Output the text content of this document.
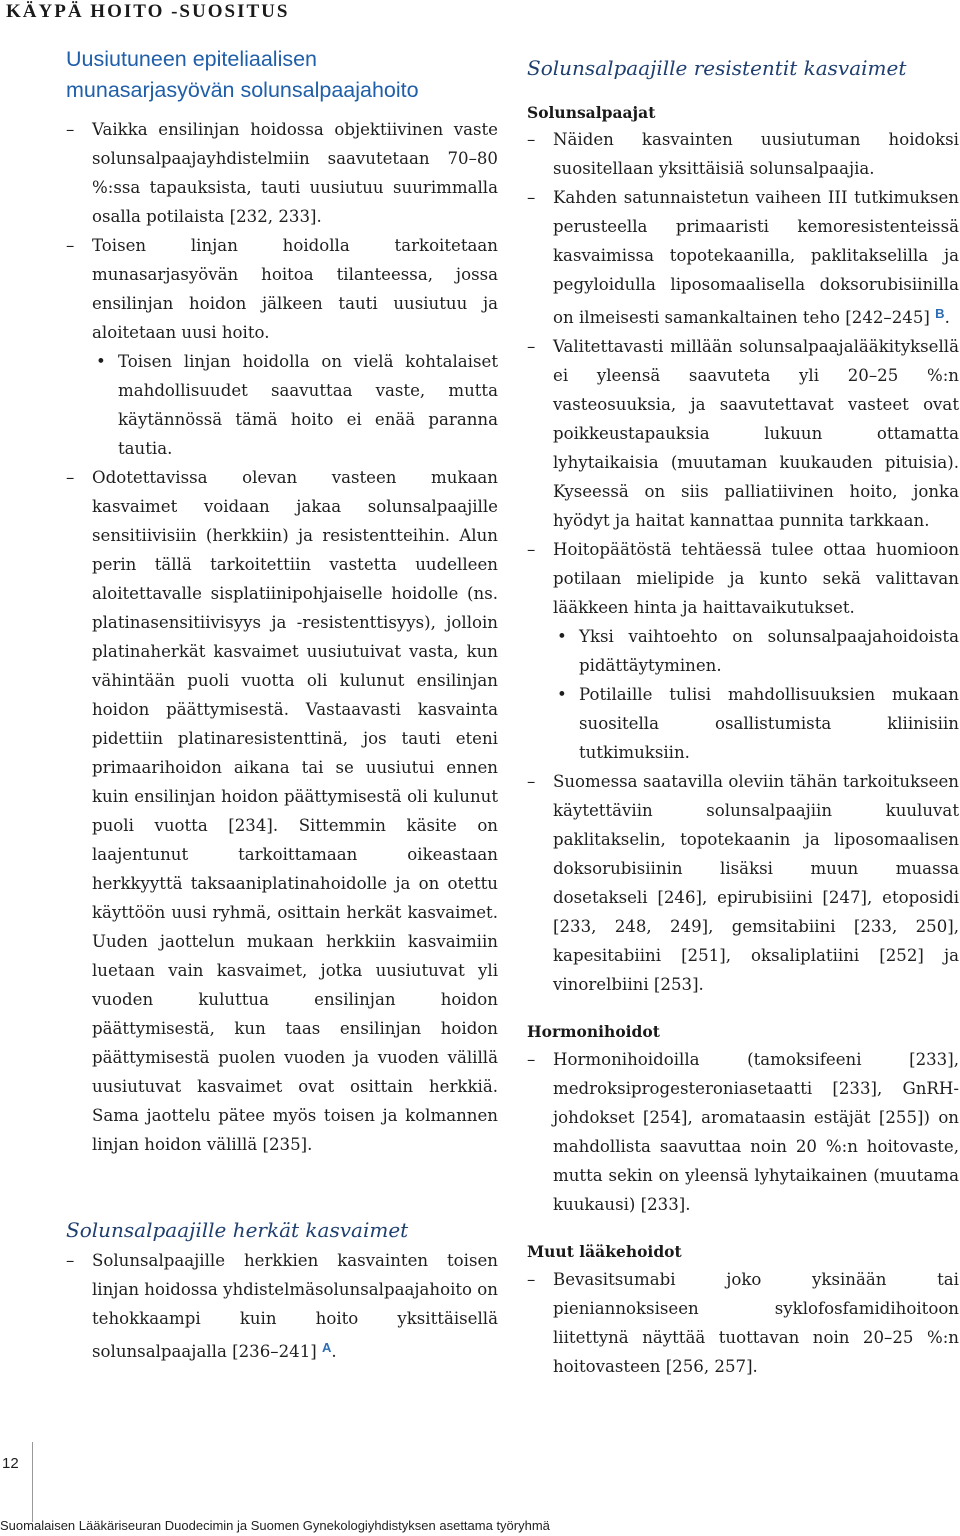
KÄYPÄ HOITO -SUOSITUS
Uusiutuneen epiteliaalisen
munasarjasyövän solunsalpaajahoito

– Vaikka ensilinjan hoidossa objektiivinen vaste solunsalpaajayhdistelmiin saavutetaan 70–80 %:ssa tapauksista, tauti uusiutuu suurimmalla osalla potilaista [232, 233].

– Toisen linjan hoidolla tarkoitetaan munasarjasyövän hoitoa tilanteessa, jossa ensilinjan hoidon jälkeen tauti uusiutuu ja aloitetaan uusi hoito.

• Toisen linjan hoidolla on vielä kohtalaiset mahdollisuudet saavuttaa vaste, mutta käytännössä tämä hoito ei enää paranna tautia.

– Odotettavissa olevan vasteen mukaan kasvaimet voidaan jakaa solunsalpaajille sensitiivisiin (herkkiin) ja resistentteihin. Alun perin tällä tarkoitettiin vastetta uudelleen aloitettavalle sisplatiinipohjaiselle hoidolle (ns. platinasensitiivisyys ja -resistenttisyys), jolloin platinaherkät kasvaimet uusiutuivat vasta, kun vähintään puoli vuotta oli kulunut ensilinjan hoidon päättymisestä. Vastaavasti kasvainta pidettiin platinaresistenttinä, jos tauti eteni primaarihoidon aikana tai se uusiutui ennen kuin ensilinjan hoidon päättymisestä oli kulunut puoli vuotta [234]. Sittemmin käsite on laajentunut tarkoittamaan oikeastaan herkkyyttä taksaaniplatinahoidolle ja on otettu käyttöön uusi ryhmä, osittain herkät kasvaimet. Uuden jaottelun mukaan herkkiin kasvaimiin luetaan vain kasvaimet, jotka uusiutuvat yli vuoden kuluttua ensilinjan hoidon päättymisestä, kun taas ensilinjan hoidon päättymisestä puolen vuoden ja vuoden välillä uusiutuvat kasvaimet ovat osittain herkkiä. Sama jaottelu pätee myös toisen ja kolmannen linjan hoidon välillä [235].

Solunsalpaajille herkät kasvaimet

– Solunsalpaajille herkkien kasvainten toisen linjan hoidossa yhdistelmäsolunsalpaajahoito on tehokkaampi kuin hoito yksittäisellä solunsalpaajalla [236–241] $^A$.

Solunsalpaajille resistentit kasvaimet

Solunsalpaajat

– Näiden kasvainten uusiutuman hoidoksi suositellaan yksittäisiä solunsalpaajia.

– Kahden satunnaistetun vaiheen III tutkimuksen perusteella primaaristi kemoresistenteissä kasvaimissa topotekaanilla, paklitakselilla ja pegyloidulla liposomaalisella doksorubisiinilla on ilmeisesti samankaltainen teho [242–245] $^B$.

– Valitettavasti millään solunsalpaajalääkityksellä ei yleensä saavuteta yli 20–25 %:n vasteosuuksia, ja saavutettavat vasteet ovat poikkeustapauksia lukuun ottamatta lyhytaikaisia (muutaman kuukauden pituisia). Kyseessä on siis palliatiivinen hoito, jonka hyödyt ja haitat kannattaa punnita tarkkaan.

– Hoitopäätöstä tehtäessä tulee ottaa huomioon potilaan mielipide ja kunto sekä valittavan lääkkeen hinta ja haittavaikutukset.

• Yksi vaihtoehto on solunsalpaajahoidoista pidättäytyminen.

• Potilaille tulisi mahdollisuuksien mukaan suositella osallistumista kliinisiin tutkimuksiin.

– Suomessa saatavilla oleviin tähän tarkoitukseen käytettäviin solunsalpaajiin kuuluvat paklitakselin, topotekaanin ja liposomaalisen doksorubisiinin lisäksi muun muassa dosetakseli [246], epirubisiini [247], etoposidi [233, 248, 249], gemsitabiini [233, 250], kapesitabiini [251], oksaliplatiini [252] ja vinorelbiini [253].

Hormonihoidot

– Hormonihoidoilla (tamoksifeeni [233], medroksiprogesteroniasetaatti [233], GnRH-johdokset [254], aromataasin estäjät [255]) on mahdollista saavuttaa noin 20 %:n hoitovaste, mutta sekin on yleensä lyhytaikainen (muutama kuukausi) [233].

Muut lääkehoidot

– Bevasitsumabi joko yksinään tai pieniannoksiseen syklofosfamidihoitoon liitettynä näyttää tuottavan noin 20–25 %:n hoitovasteen [256, 257].

12
Suomalaisen Lääkäriseuran Duodecimin ja Suomen Gynekologiyhdistyksen asettama työryhmä
